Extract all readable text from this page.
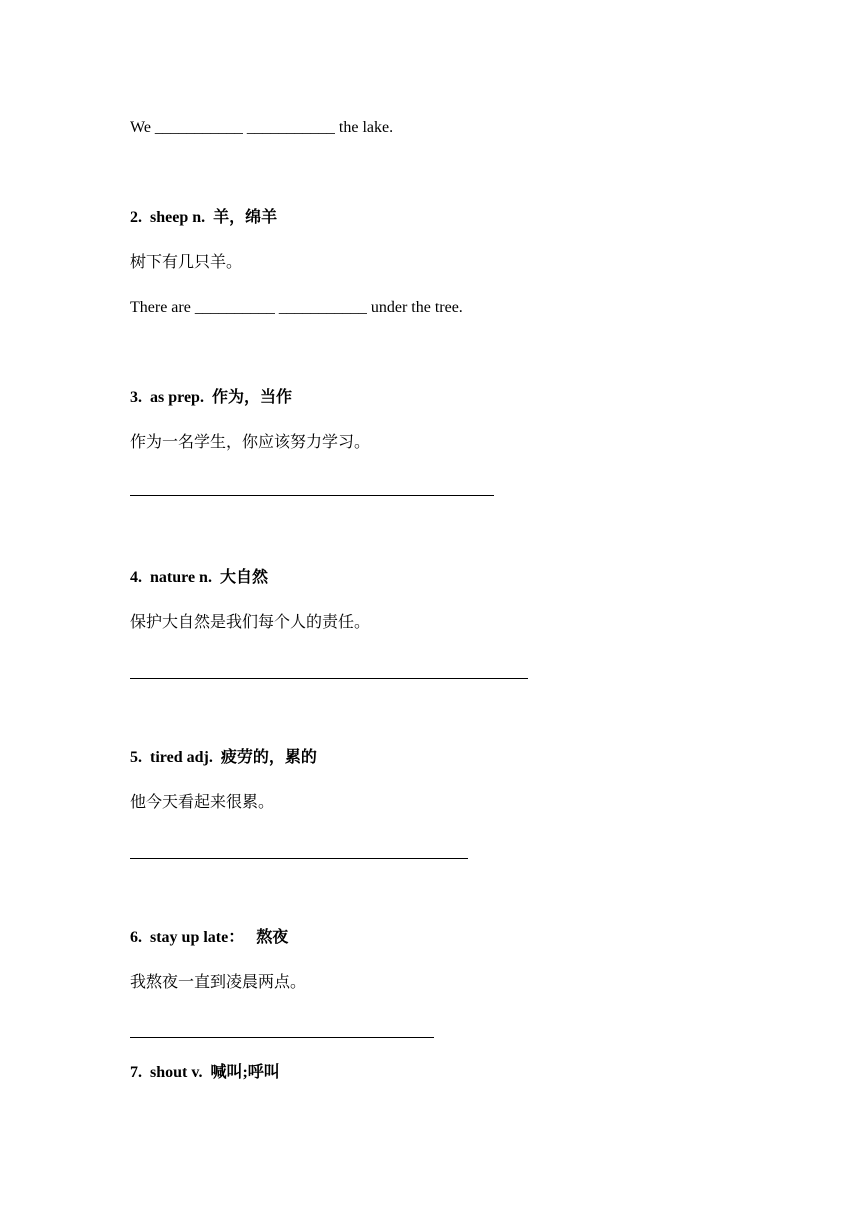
We ___________ ___________ the lake.
2.  sheep n.  羊，绵羊
树下有几只羊。
There are __________ ___________ under the tree.
3.  as prep.  作为，当作
作为一名学生，你应该努力学习。
4.  nature n.  大自然
保护大自然是我们每个人的责任。
5.  tired adj.  疲劳的，累的
他今天看起来很累。
6.  stay up late：   熬夜
我熬夜一直到凌晨两点。
7.  shout v.  喊叫;呼叫
